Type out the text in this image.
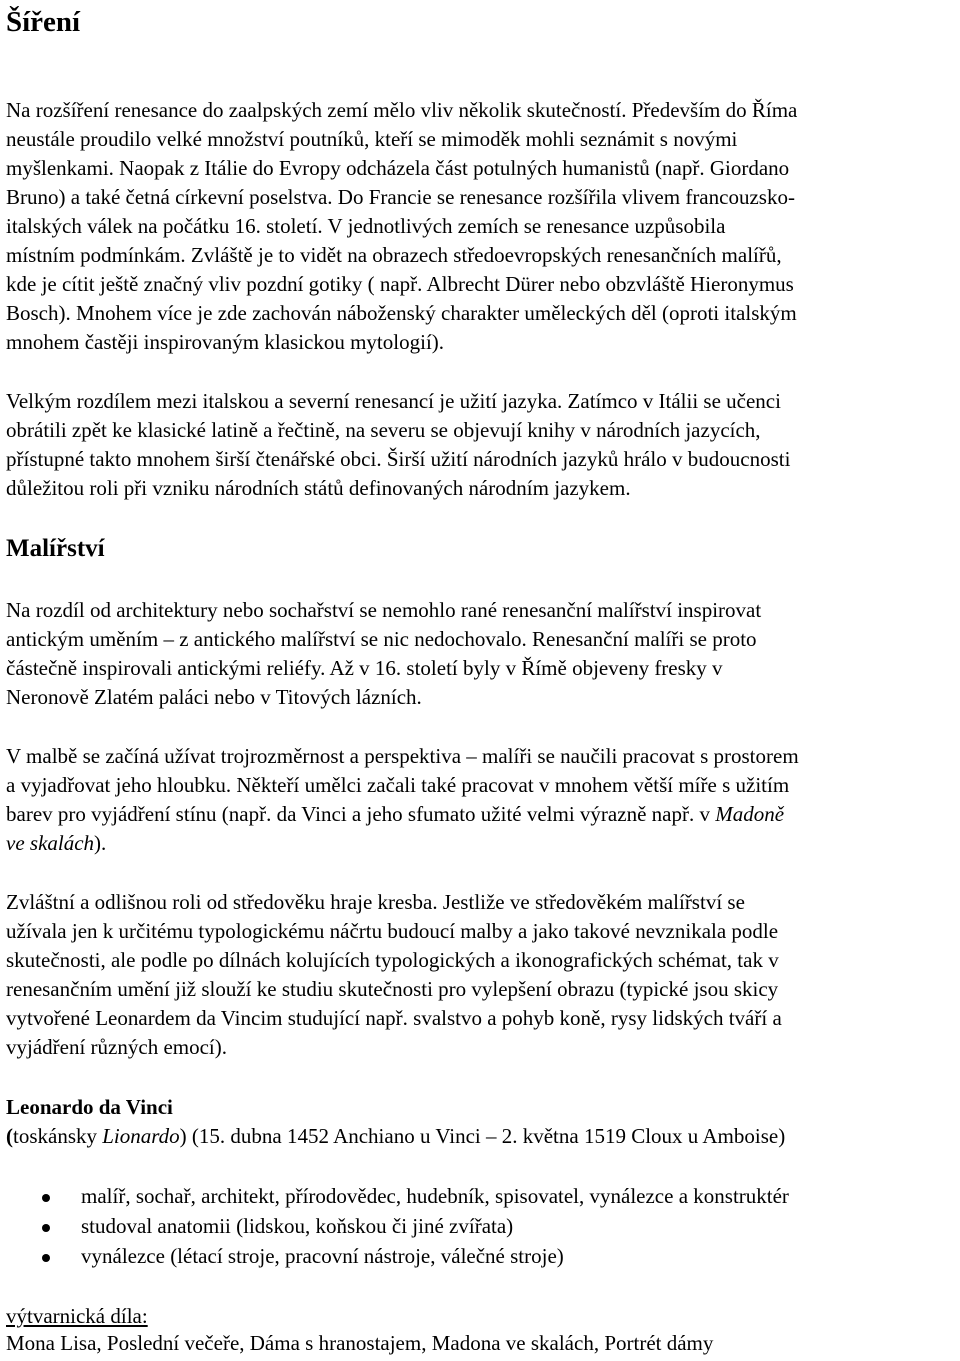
Šíření
Na rozšíření renesance do zaalpských zemí mělo vliv několik skutečností. Především do Říma
neustále proudilo velké množství poutníků, kteří se mimoděk mohli seznámit s novými
myšlenkami. Naopak z Itálie do Evropy odcházela část potulných humanistů (např. Giordano
Bruno) a také četná církevní poselstva. Do Francie se renesance rozšířila vlivem francouzsko-
italských válek na počátku 16. století. V jednotlivých zemích se renesance uzpůsobila
místním podmínkám. Zvláště je to vidět na obrazech středoevropských renesančních malířů,
kde je cítit ještě značný vliv pozdní gotiky ( např. Albrecht Dürer nebo obzvláště Hieronymus
Bosch). Mnohem více je zde zachován náboženský charakter uměleckých děl (oproti italským
mnohem častěji inspirovaným klasickou mytologií).
Velkým rozdílem mezi italskou a severní renesancí je užití jazyka. Zatímco v Itálii se učenci
obrátili zpět ke klasické latině a řečtině, na severu se objevují knihy v národních jazycích,
přístupné takto mnohem širší čtenářské obci. Širší užití národních jazyků hrálo v budoucnosti
důležitou roli při vzniku národních států definovaných národním jazykem.
Malířství
Na rozdíl od architektury nebo sochařství se nemohlo rané renesanční malířství inspirovat
antickým uměním – z antického malířství se nic nedochovalo. Renesanční malíři se proto
částečně inspirovali antickými reliéfy. Až v 16. století byly v Římě objeveny fresky v
Neronově Zlatém paláci nebo v Titových lázních.
V malbě se začíná užívat trojrozměrnost a perspektiva – malíři se naučili pracovat s prostorem
a vyjadřovat jeho hloubku. Někteří umělci začali také pracovat v mnohem větší míře s užitím
barev pro vyjádření stínu (např. da Vinci a jeho sfumato užité velmi výrazně např. v Madoně
ve skalách).
Zvláštní a odlišnou roli od středověku hraje kresba. Jestliže ve středověkém malířství se
užívala jen k určitému typologickému náčrtu budoucí malby a jako takové nevznikala podle
skutečnosti, ale podle po dílnách kolujících typologických a ikonografických schémat, tak v
renesančním umění již slouží ke studiu skutečnosti pro vylepšení obrazu (typické jsou skicy
vytvořené Leonardem da Vincim studující např. svalstvo a pohyb koně, rysy lidských tváří a
vyjádření různých emocí).
Leonardo da Vinci
(toskánsky Lionardo) (15. dubna 1452 Anchiano u Vinci – 2. května 1519 Cloux u Amboise)
malíř, sochař, architekt, přírodovědec, hudebník, spisovatel, vynálezce a konstruktér
studoval anatomii (lidskou, koňskou či jiné zvířata)
vynálezce (létací stroje, pracovní nástroje, válečné stroje)
výtvarnická díla:
Mona Lisa, Poslední večeře, Dáma s hranostajem, Madona ve skalách, Portrét dámy
